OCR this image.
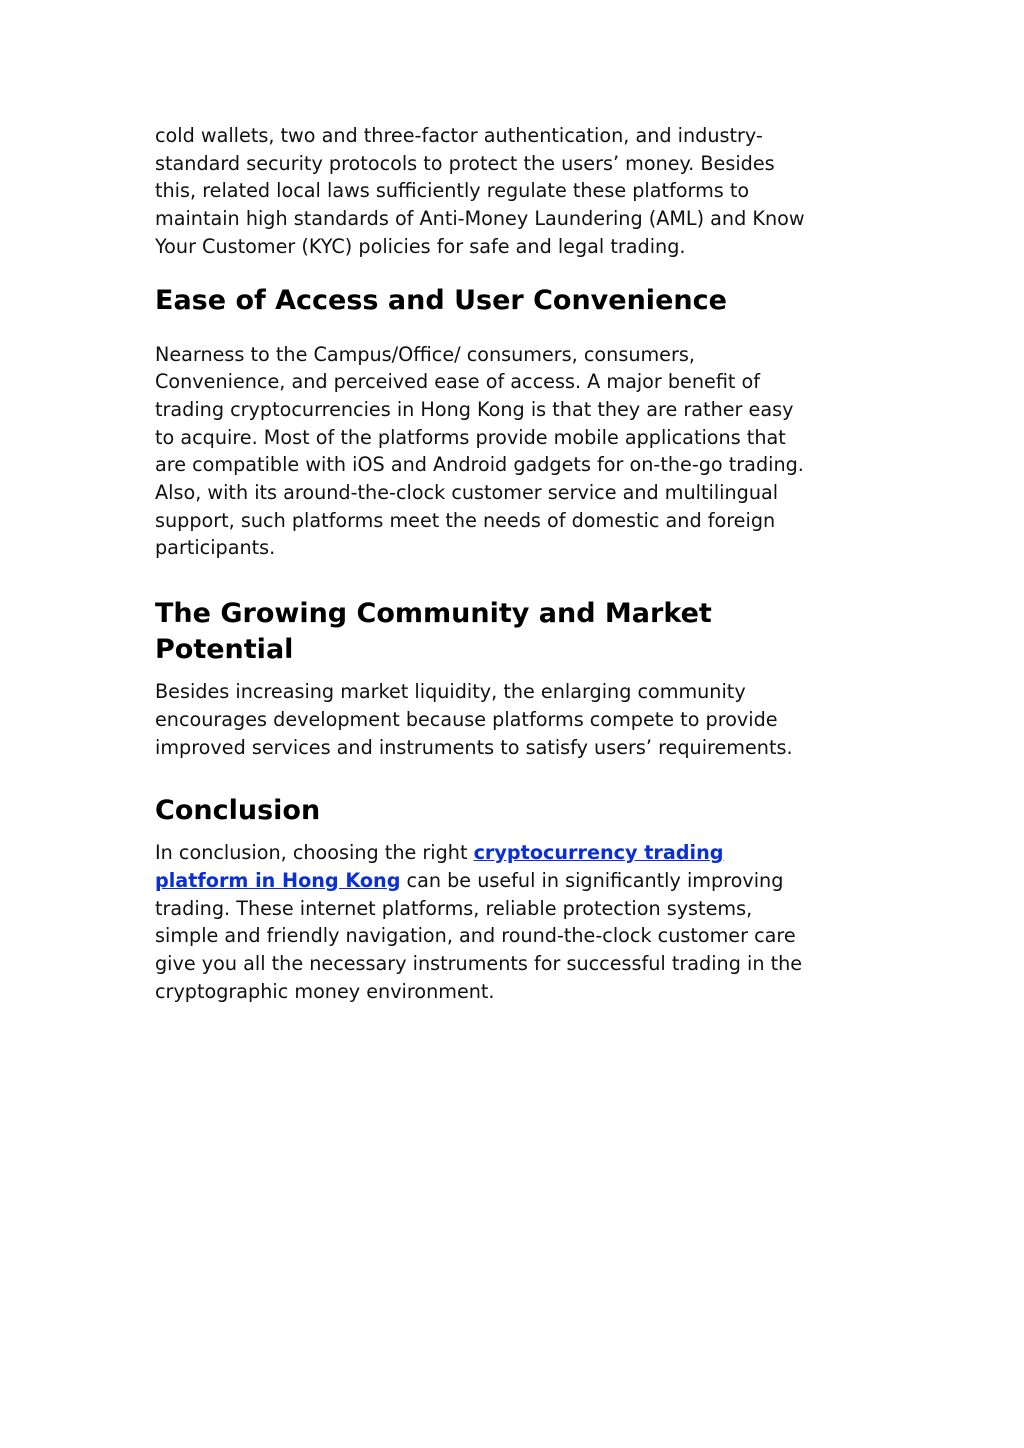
cold wallets, two and three-factor authentication, and industry-
standard security protocols to protect the users’ money. Besides
this, related local laws sufficiently regulate these platforms to
maintain high standards of Anti-Money Laundering (AML) and Know
Your Customer (KYC) policies for safe and legal trading.

Ease of Access and User Convenience

Nearness to the Campus/Office/ consumers, consumers,
Convenience, and perceived ease of access. A major benefit of
trading cryptocurrencies in Hong Kong is that they are rather easy
to acquire. Most of the platforms provide mobile applications that
are compatible with iOS and Android gadgets for on-the-go trading.
Also, with its around-the-clock customer service and multilingual
support, such platforms meet the needs of domestic and foreign
participants.

The Growing Community and Market
Potential

Besides increasing market liquidity, the enlarging community
encourages development because platforms compete to provide
improved services and instruments to satisfy users’ requirements.

Conclusion

In conclusion, choosing the right cryptocurrency trading
platform in Hong Kong can be useful in significantly improving
trading. These internet platforms, reliable protection systems,
simple and friendly navigation, and round-the-clock customer care
give you all the necessary instruments for successful trading in the
cryptographic money environment.
